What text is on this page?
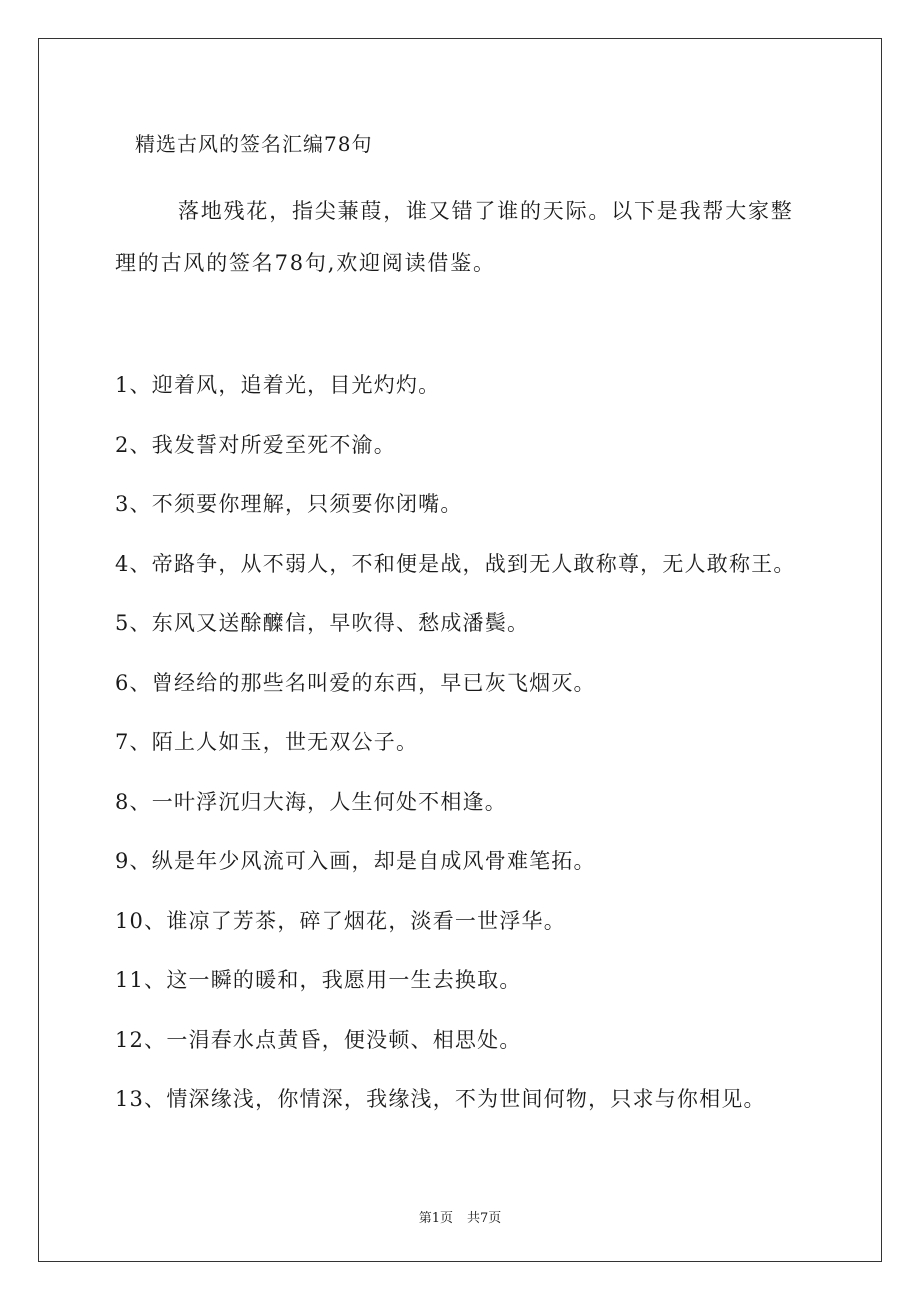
精选古风的签名汇编78句
落地残花，指尖蒹葭，谁又错了谁的天际。以下是我帮大家整理的古风的签名78句,欢迎阅读借鉴。
1、迎着风，追着光，目光灼灼。
2、我发誓对所爱至死不渝。
3、不须要你理解，只须要你闭嘴。
4、帝路争，从不弱人，不和便是战，战到无人敢称尊，无人敢称王。
5、东风又送酴醾信，早吹得、愁成潘鬓。
6、曾经给的那些名叫爱的东西，早已灰飞烟灭。
7、陌上人如玉，世无双公子。
8、一叶浮沉归大海，人生何处不相逢。
9、纵是年少风流可入画，却是自成风骨难笔拓。
10、谁凉了芳茶，碎了烟花，淡看一世浮华。
11、这一瞬的暖和，我愿用一生去换取。
12、一涓春水点黄昏，便没顿、相思处。
13、情深缘浅，你情深，我缘浅，不为世间何物，只求与你相见。
第1页 共7页
